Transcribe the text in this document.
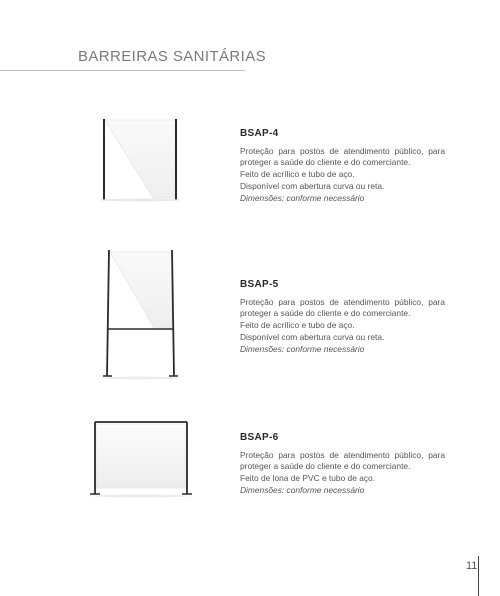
BARREIRAS SANITÁRIAS
BSAP-4

Proteção para postos de atendimento público, para proteger a saúde do cliente e do comerciante.

Feito de acrílico e tubo de aço.

Disponível com abertura curva ou reta.

Dimensões: conforme necessário

BSAP-5

Proteção para postos de atendimento público, para proteger a saúde do cliente e do comerciante.

Feito de acrílico e tubo de aço.

Disponível com abertura curva ou reta.

Dimensões: conforme necessário

BSAP-6

Proteção para postos de atendimento público, para proteger a saúde do cliente e do comerciante.

Feito de lona de PVC e tubo de aço.

Dimensões: conforme necessário

11
